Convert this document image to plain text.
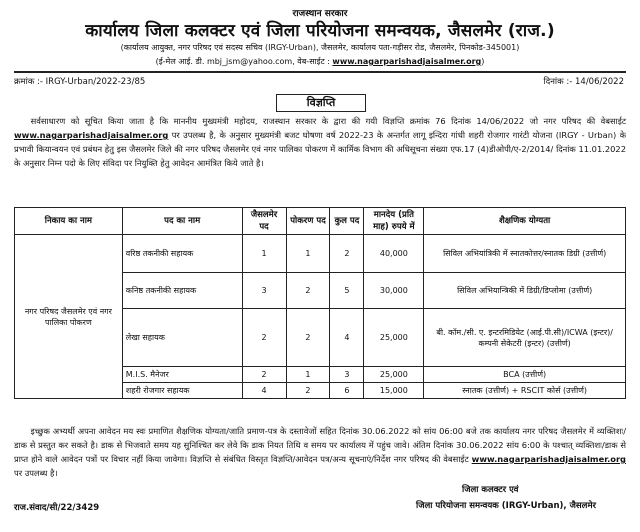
राजस्थान सरकार
कार्यालय जिला कलक्टर एवं जिला परियोजना समन्वयक, जैसलमेर (राज.)
(कार्यालय आयुक्त, नगर परिषद एवं सदस्य सचिव (IRGY-Urban), जैसलमेर, कार्यालय पता-गड़ीसर रोड, जैसलमेर, पिनकोड-345001)
(ई-मेल आई. डी. mbj_jsm@yahoo.com, वेब-साईट : www.nagarparishadjaisalmer.org)
क्रमांक :- IRGY-Urban/2022-23/85	दिनांक :- 14/06/2022
विज्ञप्ति
  सर्वसाधारण को सूचित किया जाता है कि माननीय मुख्यमंत्री महोदय, राजस्थान सरकार के द्वारा की गयी विज्ञप्ति क्रमांक 76 दिनांक 14/06/2022 जो नगर परिषद की वेबसाईट www.nagarparishadjaisalmer.org पर उपलब्ध है, के अनुसार मुख्यमंत्री बजट घोषणा वर्ष 2022-23 के अन्तर्गत लागू इन्दिरा गांधी शहरी रोजगार गारंटी योजना (IRGY - Urban) के प्रभावी कियान्वयन एवं प्रबंधन हेतु इस जैसलमेर जिले की नगर परिषद जैसलमेर एवं नगर पालिका पोकरण में कार्मिक विभाग की अधिसूचना संख्या एफ.17 (4)डीओपी/ए-2/2014/ दिनांक 11.01.2022 के अनुसार निम्न पदो के लिए संविदा पर नियुक्ति हेतु आवेदन आमंत्रित किये जाते है।
निकाय का नाम	पद का नाम	जैसलमेर पद	पोकरण पद	कुल पद	मानदेय (प्रति माह) रुपये में	शैक्षणिक योग्यता
नगर परिषद जैसलमेर एवं नगर पालिका पोकरण	वरिष्ठ तकनीकी सहायक	1	1	2	40,000	सिविल अभियांत्रिकी में स्नातकोत्तर/स्नातक डिग्री (उत्तीर्ण)
	कनिष्ठ तकनीकी सहायक	3	2	5	30,000	सिविल अभियान्त्रिकी में डिग्री/डिप्लोमा (उत्तीर्ण)
	लेखा सहायक	2	2	4	25,000	बी. कॉम./सी. ए. इन्टरमिडियेट (आई.पी.सी)/ICWA (इन्टर)/कम्पनी सेकेटरी (इन्टर) (उत्तीर्ण)
	M.I.S. मैनेजर	2	1	3	25,000	BCA (उत्तीर्ण)
	शहरी रोजगार सहायक	4	2	6	15,000	स्नातक (उत्तीर्ण) + RSCIT कोर्स (उत्तीर्ण)
  इच्छुक अभ्यर्थी अपना आवेदन मय स्वः प्रमाणित शैक्षणिक योग्यता/जाति प्रमाण-पत्र के दस्तावेजों सहित दिनांक 30.06.2022 को सांय 06:00 बजे तक कार्यालय नगर परिषद जैसलमेर में व्यक्तिशः/डाक से प्रस्तुत कर सकते है। डाक से भिजवाते समय यह सुनिश्चित कर लेवे कि डाक नियत तिथि व समय पर कार्यालय में पहुंच जावे। अंतिम दिनांक 30.06.2022 सांय 6:00 के पश्चात् व्यक्तिशः/डाक से प्राप्त होने वाले आवेदन पत्रों पर विचार नहीं किया जावेगा। विज्ञप्ति से संबंधित विस्तृत विज्ञप्ति/आवेदन पत्र/अन्य सूचनाएं/निर्देश नगर परिषद की वेबसाईट www.nagarparishadjaisalmer.org पर उपलब्ध है।
जिला कलक्टर एवं
जिला परियोजना समन्वयक (IRGY-Urban), जैसलमेर
राज.संवाद/सी/22/3429
